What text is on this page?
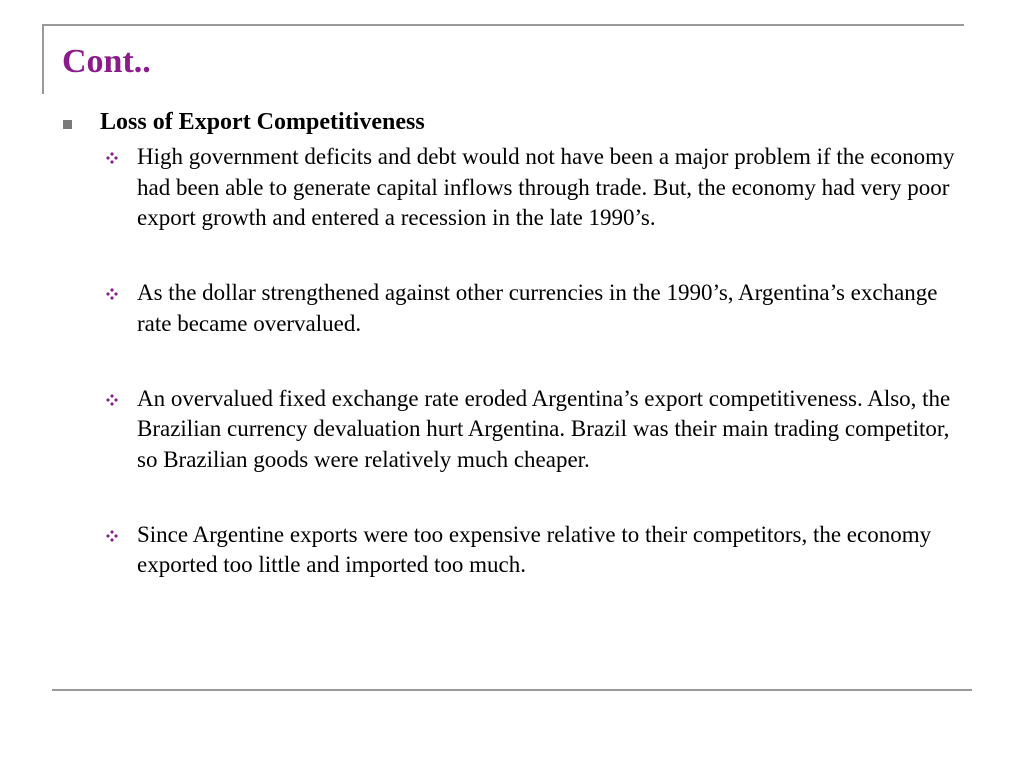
Cont..
Loss of Export Competitiveness
High government deficits and debt would not have been a major problem if the economy had been able to generate capital inflows through trade. But, the economy had very poor export growth and entered a recession in the late 1990’s.
As the dollar strengthened against other currencies in the 1990’s, Argentina’s exchange rate became overvalued.
An overvalued fixed exchange rate eroded Argentina’s export competitiveness. Also, the Brazilian currency devaluation hurt Argentina. Brazil was their main trading competitor, so Brazilian goods were relatively much cheaper.
Since Argentine exports were too expensive relative to their competitors, the economy exported too little and imported too much.
